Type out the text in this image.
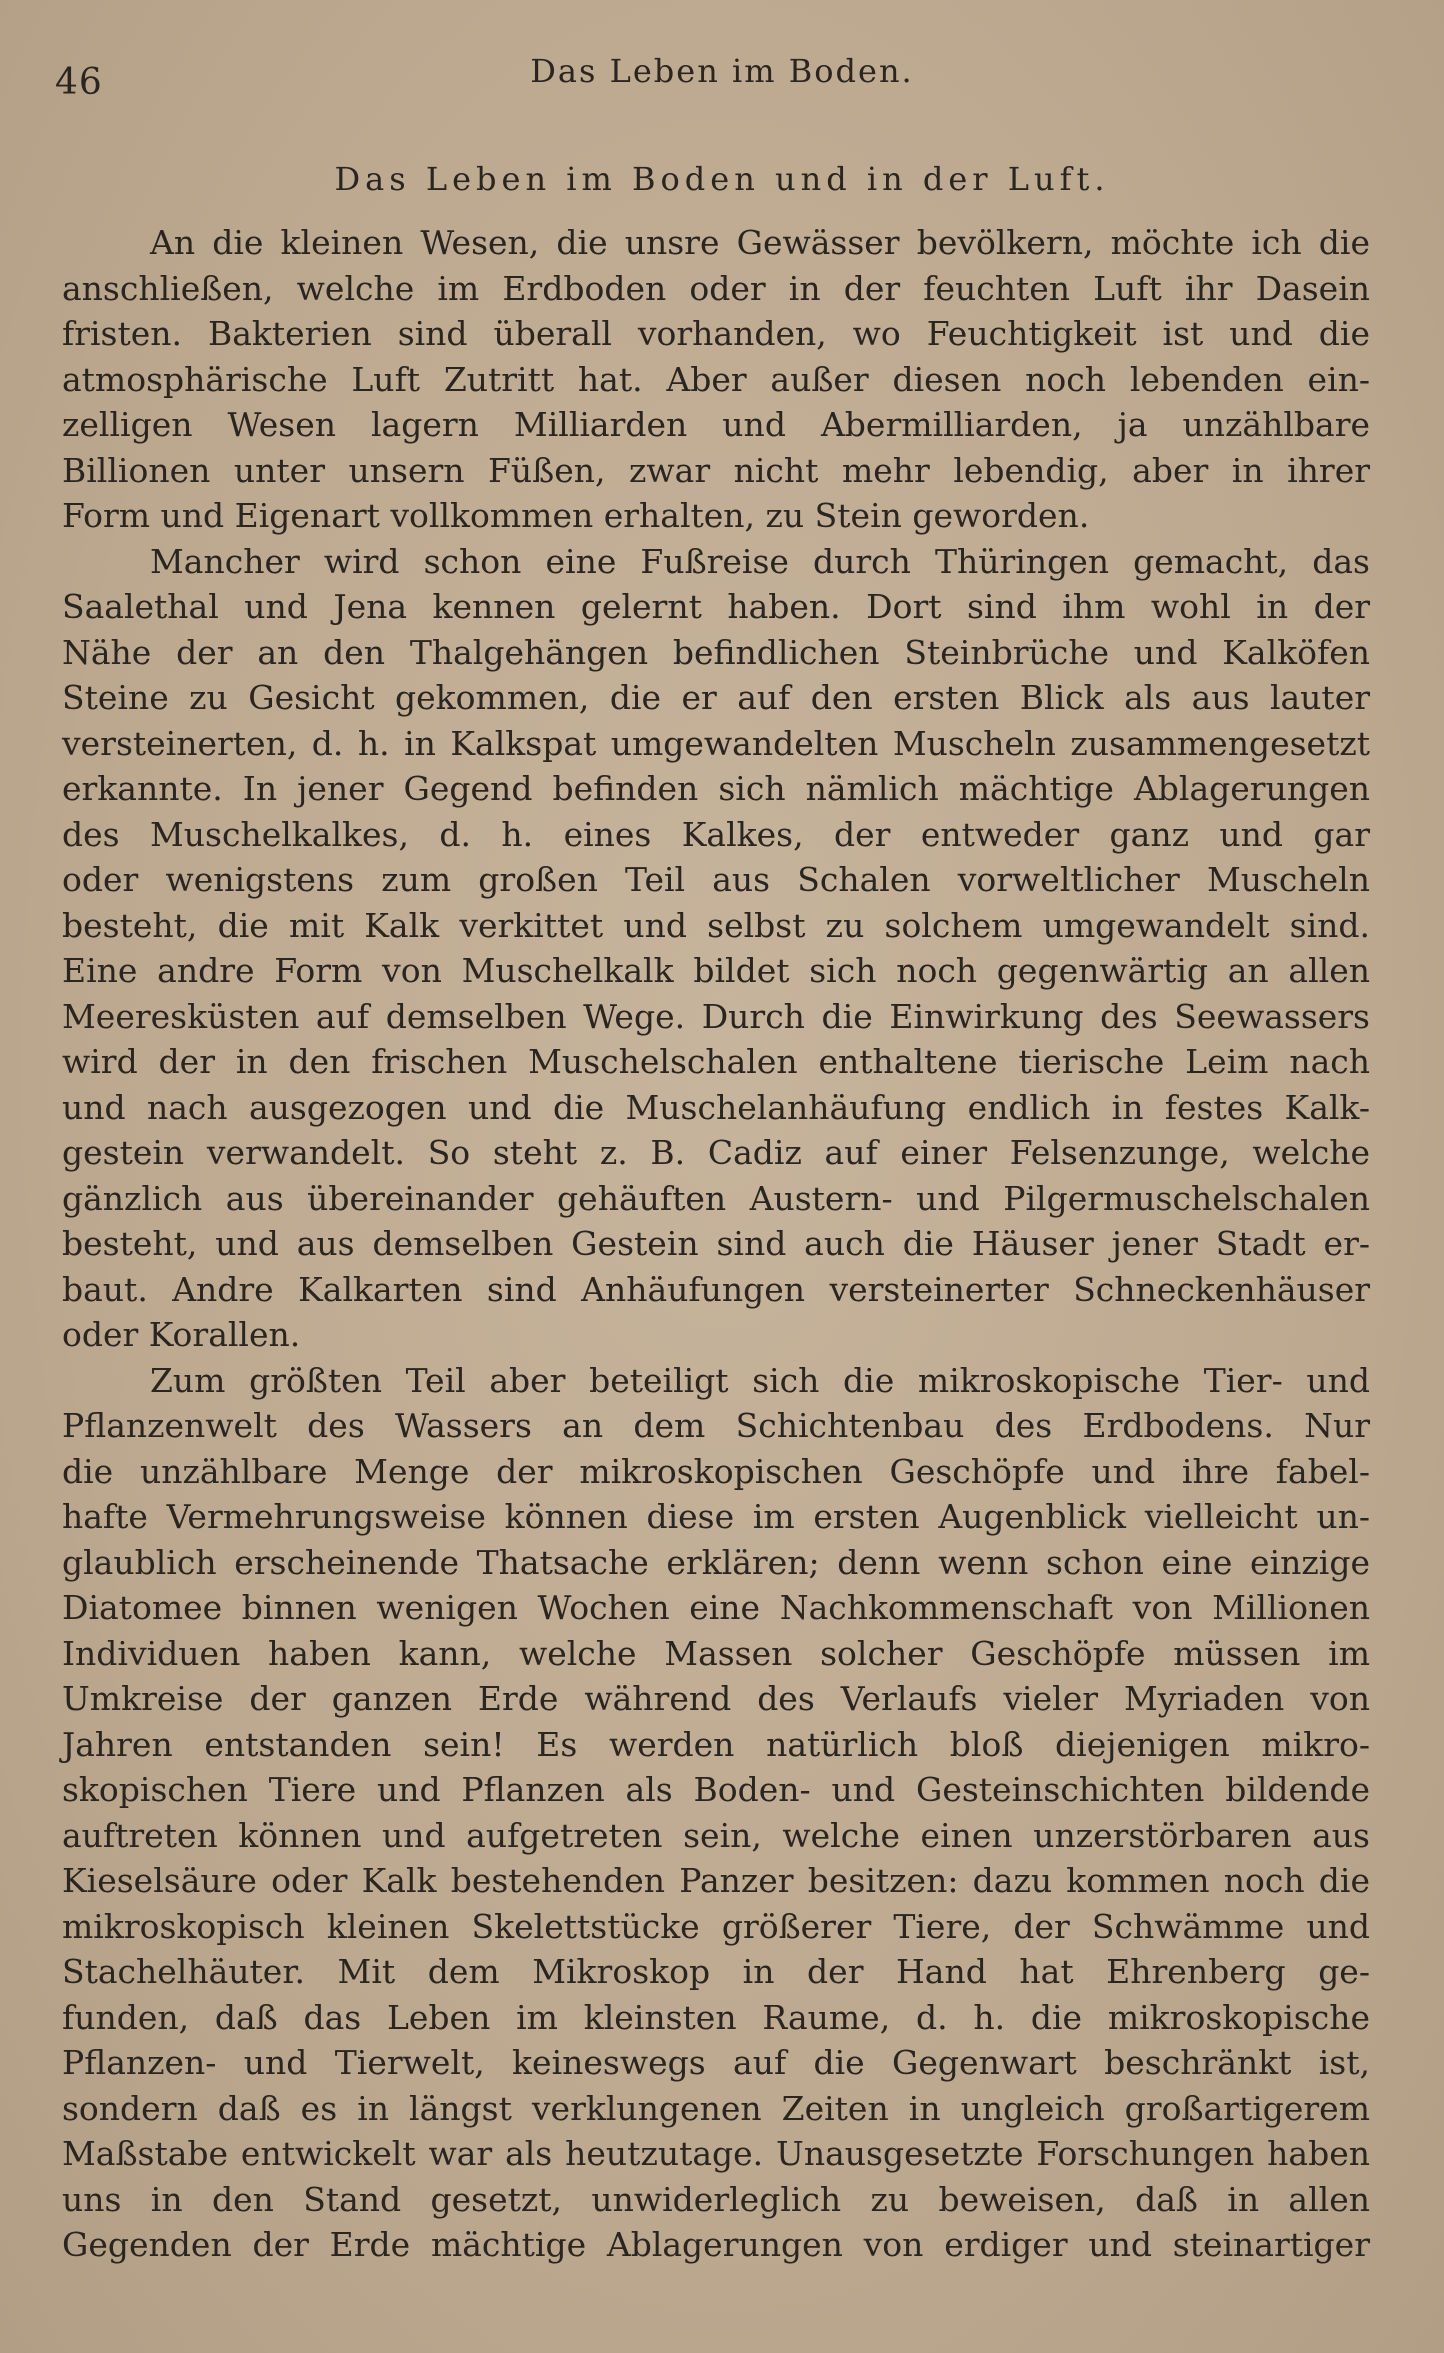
46	Das Leben im Boden.
Das Leben im Boden und in der Luft.
An die kleinen Wesen, die unsre Gewässer bevölkern, möchte ich die
anschließen, welche im Erdboden oder in der feuchten Luft ihr Dasein
fristen. Bakterien sind überall vorhanden, wo Feuchtigkeit ist und die
atmosphärische Luft Zutritt hat. Aber außer diesen noch lebenden ein-
zelligen Wesen lagern Milliarden und Abermilliarden, ja unzählbare
Billionen unter unsern Füßen, zwar nicht mehr lebendig, aber in ihrer
Form und Eigenart vollkommen erhalten, zu Stein geworden.
Mancher wird schon eine Fußreise durch Thüringen gemacht, das
Saalethal und Jena kennen gelernt haben. Dort sind ihm wohl in der
Nähe der an den Thalgehängen befindlichen Steinbrüche und Kalköfen
Steine zu Gesicht gekommen, die er auf den ersten Blick als aus lauter
versteinerten, d. h. in Kalkspat umgewandelten Muscheln zusammengesetzt
erkannte. In jener Gegend befinden sich nämlich mächtige Ablagerungen
des Muschelkalkes, d. h. eines Kalkes, der entweder ganz und gar
oder wenigstens zum großen Teil aus Schalen vorweltlicher Muscheln
besteht, die mit Kalk verkittet und selbst zu solchem umgewandelt sind.
Eine andre Form von Muschelkalk bildet sich noch gegenwärtig an allen
Meeresküsten auf demselben Wege. Durch die Einwirkung des Seewassers
wird der in den frischen Muschelschalen enthaltene tierische Leim nach
und nach ausgezogen und die Muschelanhäufung endlich in festes Kalk-
gestein verwandelt. So steht z. B. Cadiz auf einer Felsenzunge, welche
gänzlich aus übereinander gehäuften Austern- und Pilgermuschelschalen
besteht, und aus demselben Gestein sind auch die Häuser jener Stadt er-
baut. Andre Kalkarten sind Anhäufungen versteinerter Schneckenhäuser
oder Korallen.
Zum größten Teil aber beteiligt sich die mikroskopische Tier- und
Pflanzenwelt des Wassers an dem Schichtenbau des Erdbodens. Nur
die unzählbare Menge der mikroskopischen Geschöpfe und ihre fabel-
hafte Vermehrungsweise können diese im ersten Augenblick vielleicht un-
glaublich erscheinende Thatsache erklären; denn wenn schon eine einzige
Diatomee binnen wenigen Wochen eine Nachkommenschaft von Millionen
Individuen haben kann, welche Massen solcher Geschöpfe müssen im
Umkreise der ganzen Erde während des Verlaufs vieler Myriaden von
Jahren entstanden sein! Es werden natürlich bloß diejenigen mikro-
skopischen Tiere und Pflanzen als Boden- und Gesteinschichten bildende
auftreten können und aufgetreten sein, welche einen unzerstörbaren aus
Kieselsäure oder Kalk bestehenden Panzer besitzen: dazu kommen noch die
mikroskopisch kleinen Skelettstücke größerer Tiere, der Schwämme und
Stachelhäuter. Mit dem Mikroskop in der Hand hat Ehrenberg ge-
funden, daß das Leben im kleinsten Raume, d. h. die mikroskopische
Pflanzen- und Tierwelt, keineswegs auf die Gegenwart beschränkt ist,
sondern daß es in längst verklungenen Zeiten in ungleich großartigerem
Maßstabe entwickelt war als heutzutage. Unausgesetzte Forschungen haben
uns in den Stand gesetzt, unwiderleglich zu beweisen, daß in allen
Gegenden der Erde mächtige Ablagerungen von erdiger und steinartiger
